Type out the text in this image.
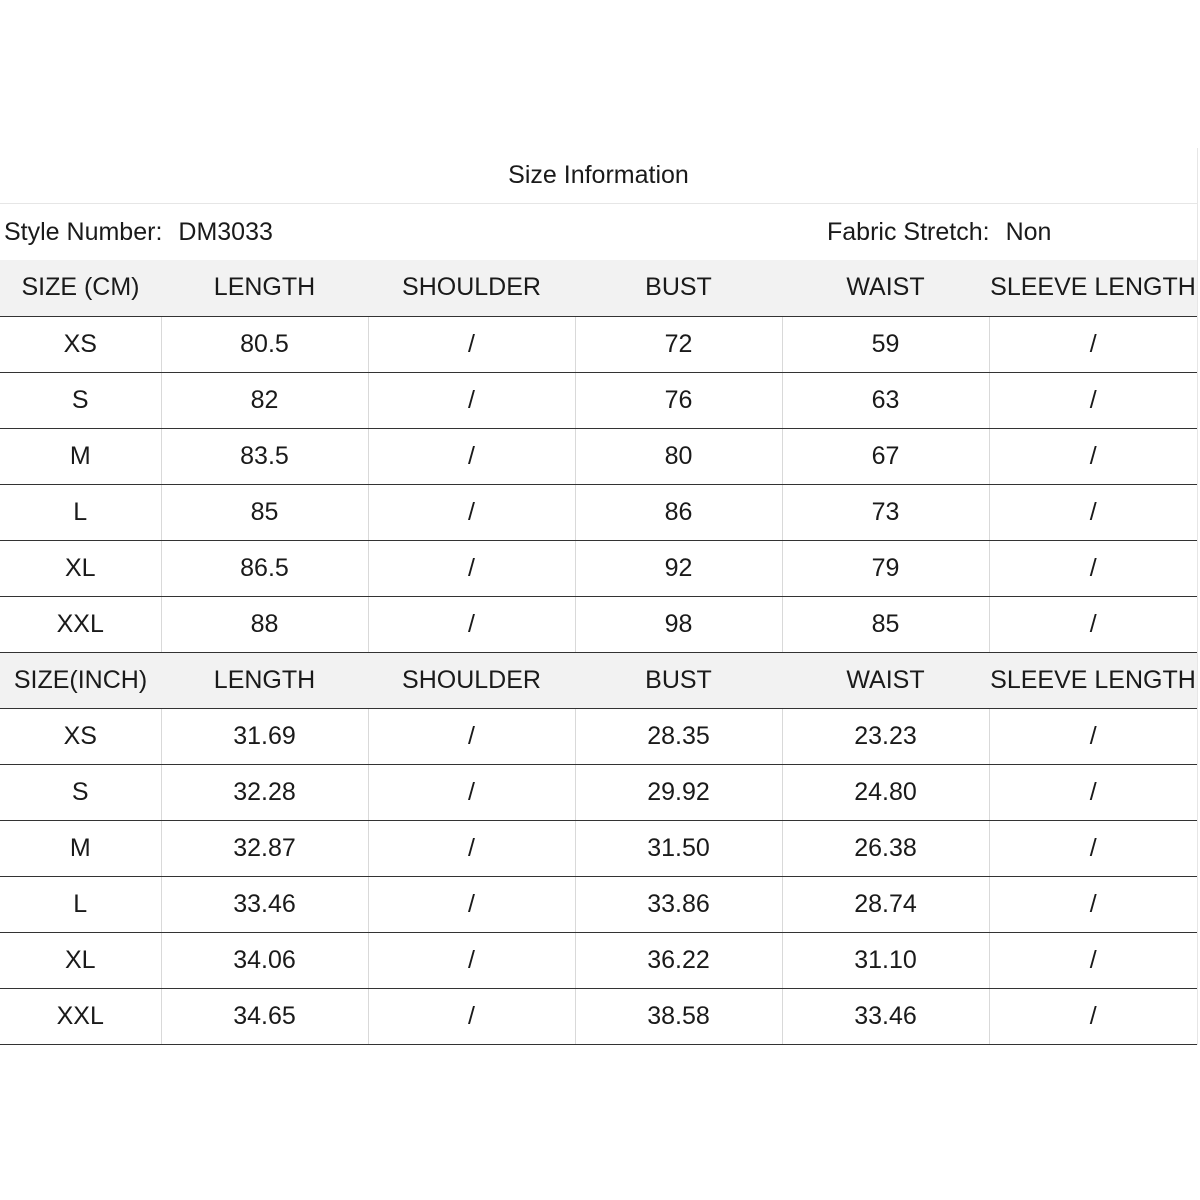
Size Information
Style Number: DM3033	Fabric Stretch: Non
SIZE (CM)	LENGTH	SHOULDER	BUST	WAIST	SLEEVE LENGTH
XS	80.5	/	72	59	/
S	82	/	76	63	/
M	83.5	/	80	67	/
L	85	/	86	73	/
XL	86.5	/	92	79	/
XXL	88	/	98	85	/
SIZE(INCH)	LENGTH	SHOULDER	BUST	WAIST	SLEEVE LENGTH
XS	31.69	/	28.35	23.23	/
S	32.28	/	29.92	24.80	/
M	32.87	/	31.50	26.38	/
L	33.46	/	33.86	28.74	/
XL	34.06	/	36.22	31.10	/
XXL	34.65	/	38.58	33.46	/
